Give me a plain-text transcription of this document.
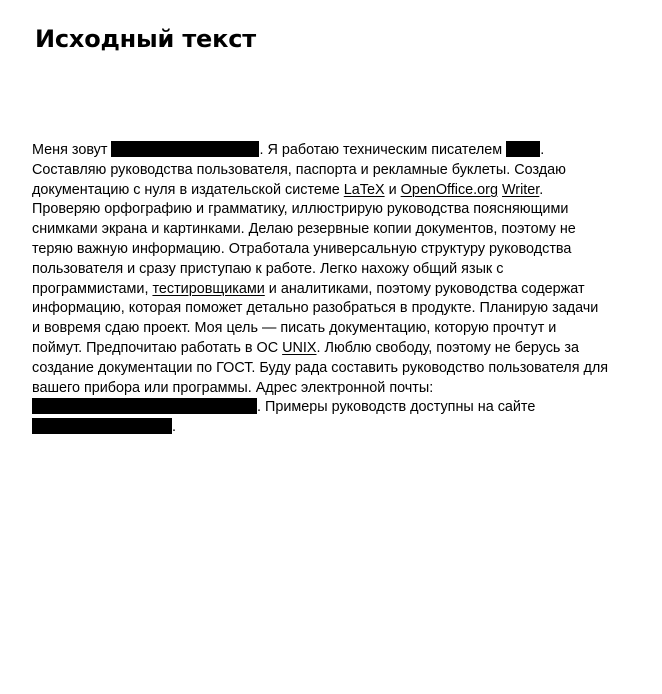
Исходный текст
Меня зовут	. Я работаю техническим писателем	.
Составляю руководства пользователя, паспорта и рекламные буклеты. Создаю
документацию с нуля в издательской системе LaTeX и OpenOffice.org Writer.
Проверяю орфографию и грамматику, иллюстрирую руководства поясняющими
снимками экрана и картинками. Делаю резервные копии документов, поэтому не
теряю важную информацию. Отработала универсальную структуру руководства
пользователя и сразу приступаю к работе. Легко нахожу общий язык с
программистами, тестировщиками и аналитиками, поэтому руководства содержат
информацию, которая поможет детально разобраться в продукте. Планирую задачи
и вовремя сдаю проект. Моя цель — писать документацию, которую прочтут и
поймут. Предпочитаю работать в ОС UNIX. Люблю свободу, поэтому не берусь за
создание документации по ГОСТ. Буду рада составить руководство пользователя для
вашего прибора или программы. Адрес электронной почты:
. Примеры руководств доступны на сайте
.
